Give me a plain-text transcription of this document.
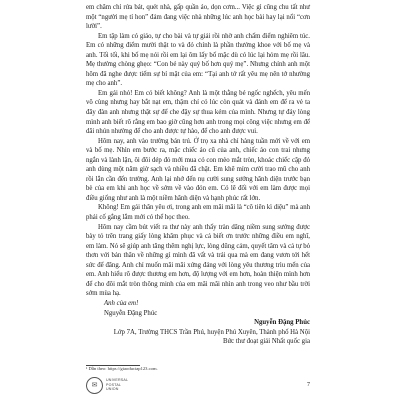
em chăm chỉ rửa bát, quét nhà, gấp quần áo, dọn cơm... Việc gì cũng chu tất như một “người mẹ tí hon” đảm đang việc nhà những lúc anh học bài hay lại nổi “cơn lười”.

Em tập làm có giáo, tự cho bài và tự giải rồi nhờ anh chấm điểm nghiêm túc. Em có những điểm mười thật to và đó chính là phần thưởng khoe với bố mẹ và anh. Tối tối, khi bố mẹ nói rồi em lại ôm lấy bố mặc dù có lúc lại hỏm mẹ rồi lâu. Mẹ thường chòng ghẹo: “Con bé này quý bố hơn quý mẹ”. Nhưng chính anh một hôm đã nghe được tiếm sự bí mật của em: “Tại anh tớ rất yêu mẹ nên tớ nhường mẹ cho anh”.

Em gái nhỏ! Em có biết không? Anh là một thằng bé ngốc nghếch, yêu mến vô cùng nhưng hay bắt nạt em, thậm chí có lúc còn quát và đánh em để ra vẻ ta đây đàn anh nhưng thật sự để che đậy sự thua kém của mình. Nhưng tự đáy lòng mình anh biết rõ rằng em bao giờ cũng hơn anh trong mọi công việc nhưng em để dãi nhún nhường để cho anh được tự hào, để cho anh được vui.

Hôm nay, anh vào trường bán trú. Ở trọ xa nhà chỉ hàng tuần mới về với em và bố mẹ. Nhìn em bước ra, mặc chiếc áo cũ của anh, chiếc áo con trai nhưng ngắn và lành lặn, ôi đôi dép đỏ mới mua có con mèo mắt tròn, khoác chiếc cặp đỏ anh dùng một năm giờ sạch và nhiều đã chật. Em khẽ mỉm cười trao mũ cho anh rồi lẳn cần đến trường. Anh lại nhớ đến nụ cười sung sướng hãnh diện trước bạn bè của em khi anh học về sớm về vào đón em. Có lẽ đối với em làm được mọi điều giống như anh là một niềm hãnh diện và hạnh phúc rất lớn.

Không! Em gái thân yêu ơi, trong anh em mãi mãi là “cô tiên kì diệu” mà anh phải cố gắng lắm mới có thể học theo.

Hôm nay cầm bút viết ra thư này anh thấy tràn dâng niềm sung sướng được bày tỏ trên trang giấy lòng khâm phục và cả biết ơn trước những điều em nghĩ, em làm. Nó sẽ giúp anh tăng thêm nghị lực, lòng dũng cảm, quyết tâm và cả tự bỏ thơn với bản thân về những gì mình đã vất và trái qua mà em đang vươn tới hết sức để đãng. Anh chỉ muốn mãi mãi xứng đáng với lòng yêu thương trìu mến của em. Anh hiểu rõ được thương em hơn, độ lượng với em hơn, hoàn thiện mình hơn để cho đôi mắt tròn thông minh của em mãi mãi nhìn anh trong veo như bầu trời sớm mùa hạ.

Anh của em!

Nguyễn Đặng Phúc

Nguyễn Đặng Phúc

Lớp 7A, Trường THCS Trần Phú, huyện Phú Xuyên, Thành phố Hà Nội

Bức thư đoạt giải Nhất quốc gia

¹ Dẫn theo: https://giaoductap123.com.
✉
UNIVERSAL
POSTAL
UNION
7
